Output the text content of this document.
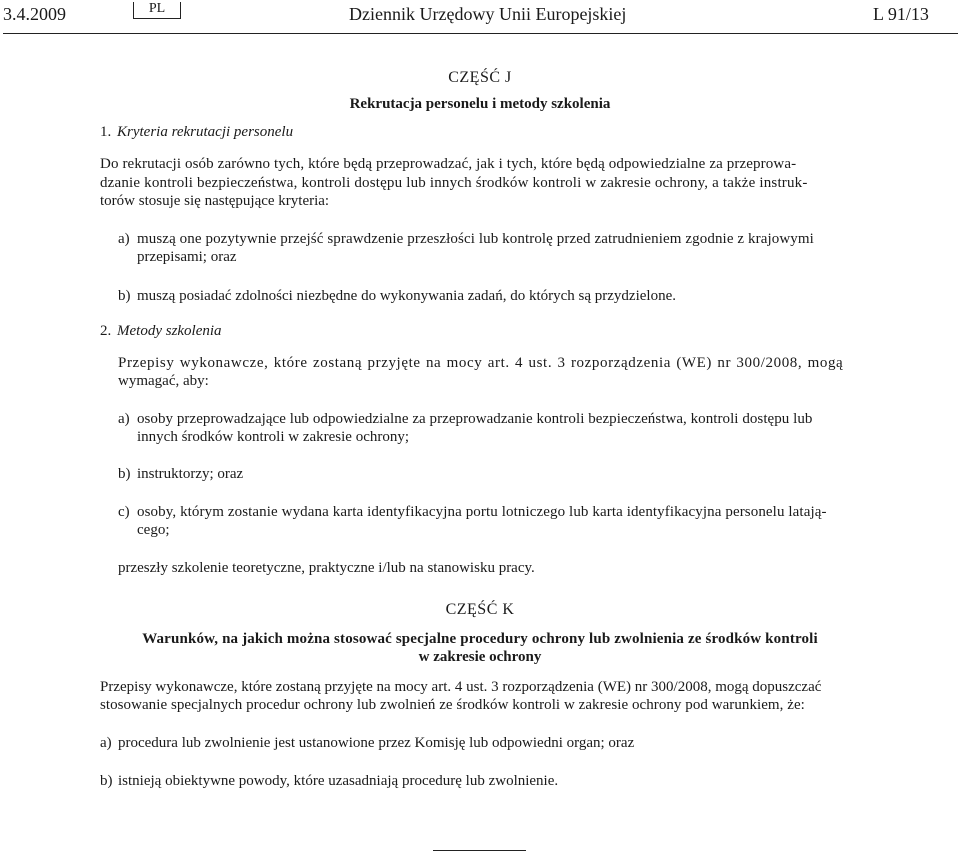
3.4.2009	PL	Dziennik Urzędowy Unii Europejskiej	L 91/13
CZĘŚĆ J
Rekrutacja personelu i metody szkolenia
1. Kryteria rekrutacji personelu
Do rekrutacji osób zarówno tych, które będą przeprowadzać, jak i tych, które będą odpowiedzialne za przeprowa-
dzanie kontroli bezpieczeństwa, kontroli dostępu lub innych środków kontroli w zakresie ochrony, a także instruk-
torów stosuje się następujące kryteria:
a) muszą one pozytywnie przejść sprawdzenie przeszłości lub kontrolę przed zatrudnieniem zgodnie z krajowymi
przepisami; oraz
b) muszą posiadać zdolności niezbędne do wykonywania zadań, do których są przydzielone.
2. Metody szkolenia
Przepisy wykonawcze, które zostaną przyjęte na mocy art. 4 ust. 3 rozporządzenia (WE) nr 300/2008, mogą
wymagać, aby:
a) osoby przeprowadzające lub odpowiedzialne za przeprowadzanie kontroli bezpieczeństwa, kontroli dostępu lub
innych środków kontroli w zakresie ochrony;
b) instruktorzy; oraz
c) osoby, którym zostanie wydana karta identyfikacyjna portu lotniczego lub karta identyfikacyjna personelu latają-
cego;
przeszły szkolenie teoretyczne, praktyczne i/lub na stanowisku pracy.
CZĘŚĆ K
Warunków, na jakich można stosować specjalne procedury ochrony lub zwolnienia ze środków kontroli
w zakresie ochrony
Przepisy wykonawcze, które zostaną przyjęte na mocy art. 4 ust. 3 rozporządzenia (WE) nr 300/2008, mogą dopuszczać
stosowanie specjalnych procedur ochrony lub zwolnień ze środków kontroli w zakresie ochrony pod warunkiem, że:
a) procedura lub zwolnienie jest ustanowione przez Komisję lub odpowiedni organ; oraz
b) istnieją obiektywne powody, które uzasadniają procedurę lub zwolnienie.
